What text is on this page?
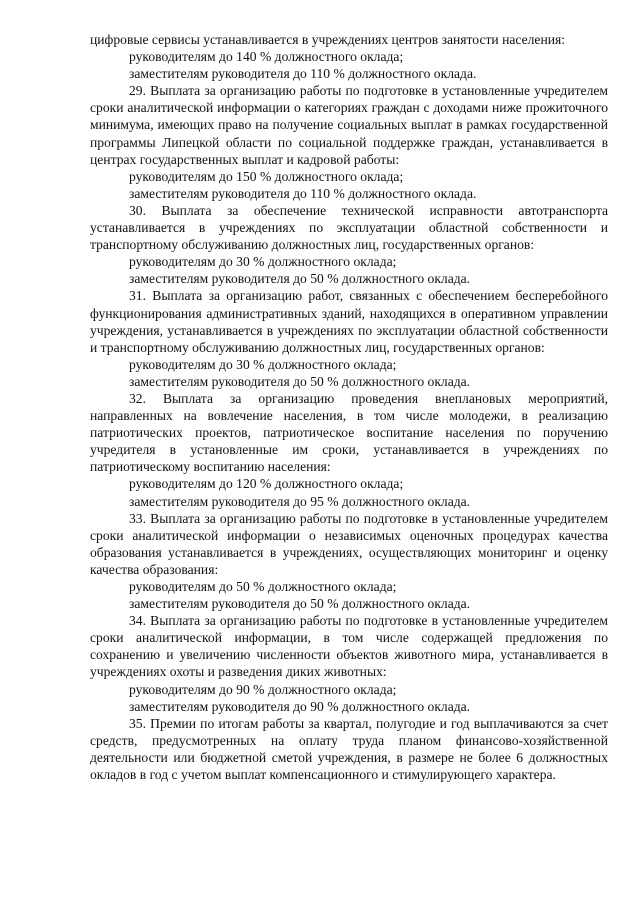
цифровые сервисы устанавливается в учреждениях центров занятости населения:

руководителям до 140 % должностного оклада;

заместителям руководителя до 110 % должностного оклада.

29. Выплата за организацию работы по подготовке в установленные учредителем сроки аналитической информации о категориях граждан с доходами ниже прожиточного минимума, имеющих право на получение социальных выплат в рамках государственной программы Липецкой области по социальной поддержке граждан, устанавливается в центрах государственных выплат и кадровой работы:

руководителям до 150 % должностного оклада;

заместителям руководителя до 110 % должностного оклада.

30. Выплата за обеспечение технической исправности автотранспорта устанавливается в учреждениях по эксплуатации областной собственности и транспортному обслуживанию должностных лиц, государственных органов:

руководителям до 30 % должностного оклада;

заместителям руководителя до 50 % должностного оклада.

31. Выплата за организацию работ, связанных с обеспечением бесперебойного функционирования административных зданий, находящихся в оперативном управлении учреждения, устанавливается в учреждениях по эксплуатации областной собственности и транспортному обслуживанию должностных лиц, государственных органов:

руководителям до 30 % должностного оклада;

заместителям руководителя до 50 % должностного оклада.

32. Выплата за организацию проведения внеплановых мероприятий, направленных на вовлечение населения, в том числе молодежи, в реализацию патриотических проектов, патриотическое воспитание населения по поручению учредителя в установленные им сроки, устанавливается в учреждениях по патриотическому воспитанию населения:

руководителям до 120 % должностного оклада;

заместителям руководителя до 95 % должностного оклада.

33. Выплата за организацию работы по подготовке в установленные учредителем сроки аналитической информации о независимых оценочных процедурах качества образования устанавливается в учреждениях, осуществляющих мониторинг и оценку качества образования:

руководителям до 50 % должностного оклада;

заместителям руководителя до 50 % должностного оклада.

34. Выплата за организацию работы по подготовке в установленные учредителем сроки аналитической информации, в том числе содержащей предложения по сохранению и увеличению численности объектов животного мира, устанавливается в учреждениях охоты и разведения диких животных:

руководителям до 90 % должностного оклада;

заместителям руководителя до 90 % должностного оклада.

35. Премии по итогам работы за квартал, полугодие и год выплачиваются за счет средств, предусмотренных на оплату труда планом финансово-хозяйственной деятельности или бюджетной сметой учреждения, в размере не более 6 должностных окладов в год с учетом выплат компенсационного и стимулирующего характера.
